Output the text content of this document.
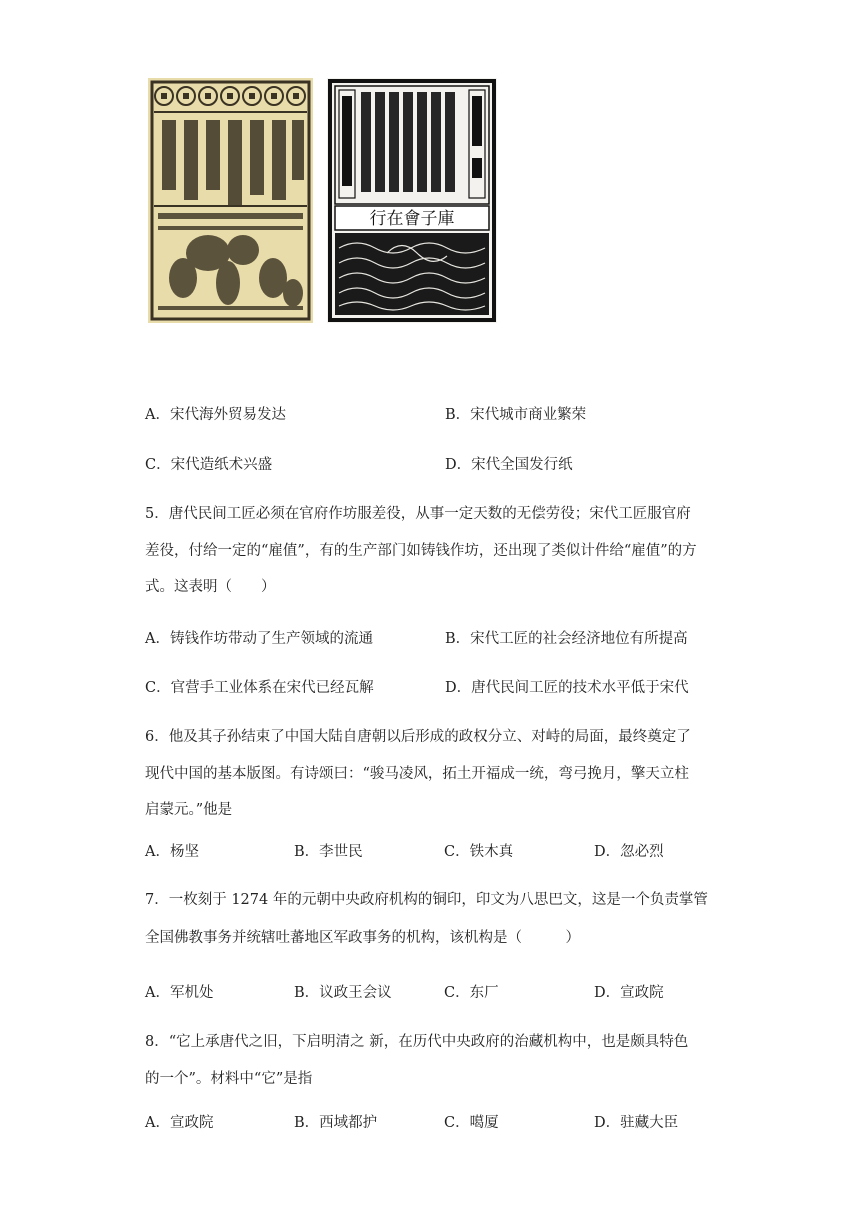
行在會子庫
A．宋代海外贸易发达	B．宋代城市商业繁荣
C．宋代造纸术兴盛	D．宋代全国发行纸
5．唐代民间工匠必须在官府作坊服差役，从事一定天数的无偿劳役；宋代工匠服官府
差役，付给一定的“雇值”，有的生产部门如铸钱作坊，还出现了类似计件给“雇值”的方
式。这表明（　　）
A．铸钱作坊带动了生产领域的流通	B．宋代工匠的社会经济地位有所提高
C．官营手工业体系在宋代已经瓦解	D．唐代民间工匠的技术水平低于宋代
6．他及其子孙结束了中国大陆自唐朝以后形成的政权分立、对峙的局面，最终奠定了
现代中国的基本版图。有诗颂曰：“骏马凌风，拓土开福成一统，弯弓挽月，擎天立柱
启蒙元。”他是
A．杨坚	B．李世民	C．铁木真	D．忽必烈
7．一枚刻于 1274 年的元朝中央政府机构的铜印，印文为八思巴文，这是一个负责掌管
全国佛教事务并统辖吐蕃地区军政事务的机构，该机构是（　　　）
A．军机处	B．议政王会议	C．东厂	D．宣政院
8．“它上承唐代之旧，下启明清之 新，在历代中央政府的治藏机构中，也是颇具特色
的一个”。材料中“它”是指
A．宣政院	B．西域都护	C．噶厦	D．驻藏大臣
